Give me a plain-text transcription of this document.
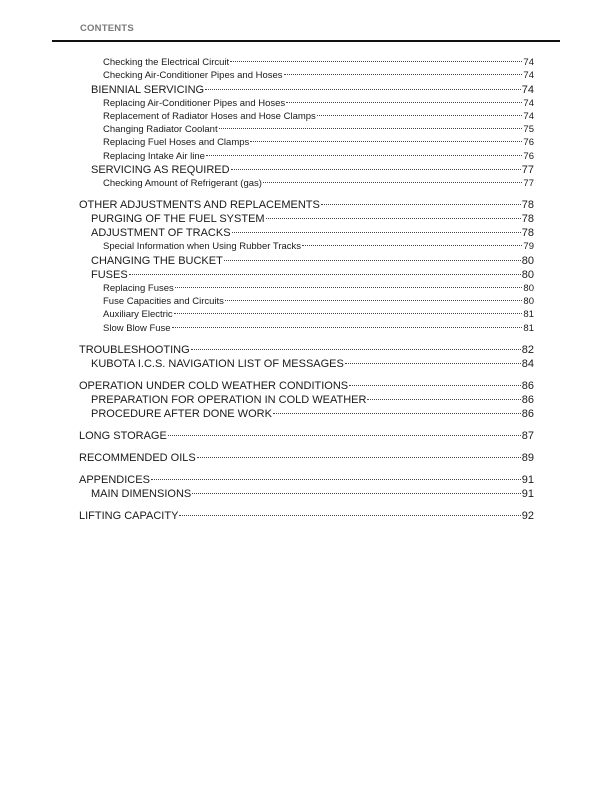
CONTENTS
Checking the Electrical Circuit	74
Checking Air-Conditioner Pipes and Hoses	74
BIENNIAL SERVICING	74
Replacing Air-Conditioner Pipes and Hoses	74
Replacement of Radiator Hoses and Hose Clamps	74
Changing Radiator Coolant	75
Replacing Fuel Hoses and Clamps	76
Replacing Intake Air line	76
SERVICING AS REQUIRED	77
Checking Amount of Refrigerant (gas)	77
OTHER ADJUSTMENTS AND REPLACEMENTS	78
PURGING OF THE FUEL SYSTEM	78
ADJUSTMENT OF TRACKS	78
Special Information when Using Rubber Tracks	79
CHANGING THE BUCKET	80
FUSES	80
Replacing Fuses	80
Fuse Capacities and Circuits	80
Auxiliary Electric	81
Slow Blow Fuse	81
TROUBLESHOOTING	82
KUBOTA I.C.S. NAVIGATION LIST OF MESSAGES	84
OPERATION UNDER COLD WEATHER CONDITIONS	86
PREPARATION FOR OPERATION IN COLD WEATHER	86
PROCEDURE AFTER DONE WORK	86
LONG STORAGE	87
RECOMMENDED OILS	89
APPENDICES	91
MAIN DIMENSIONS	91
LIFTING CAPACITY	92
